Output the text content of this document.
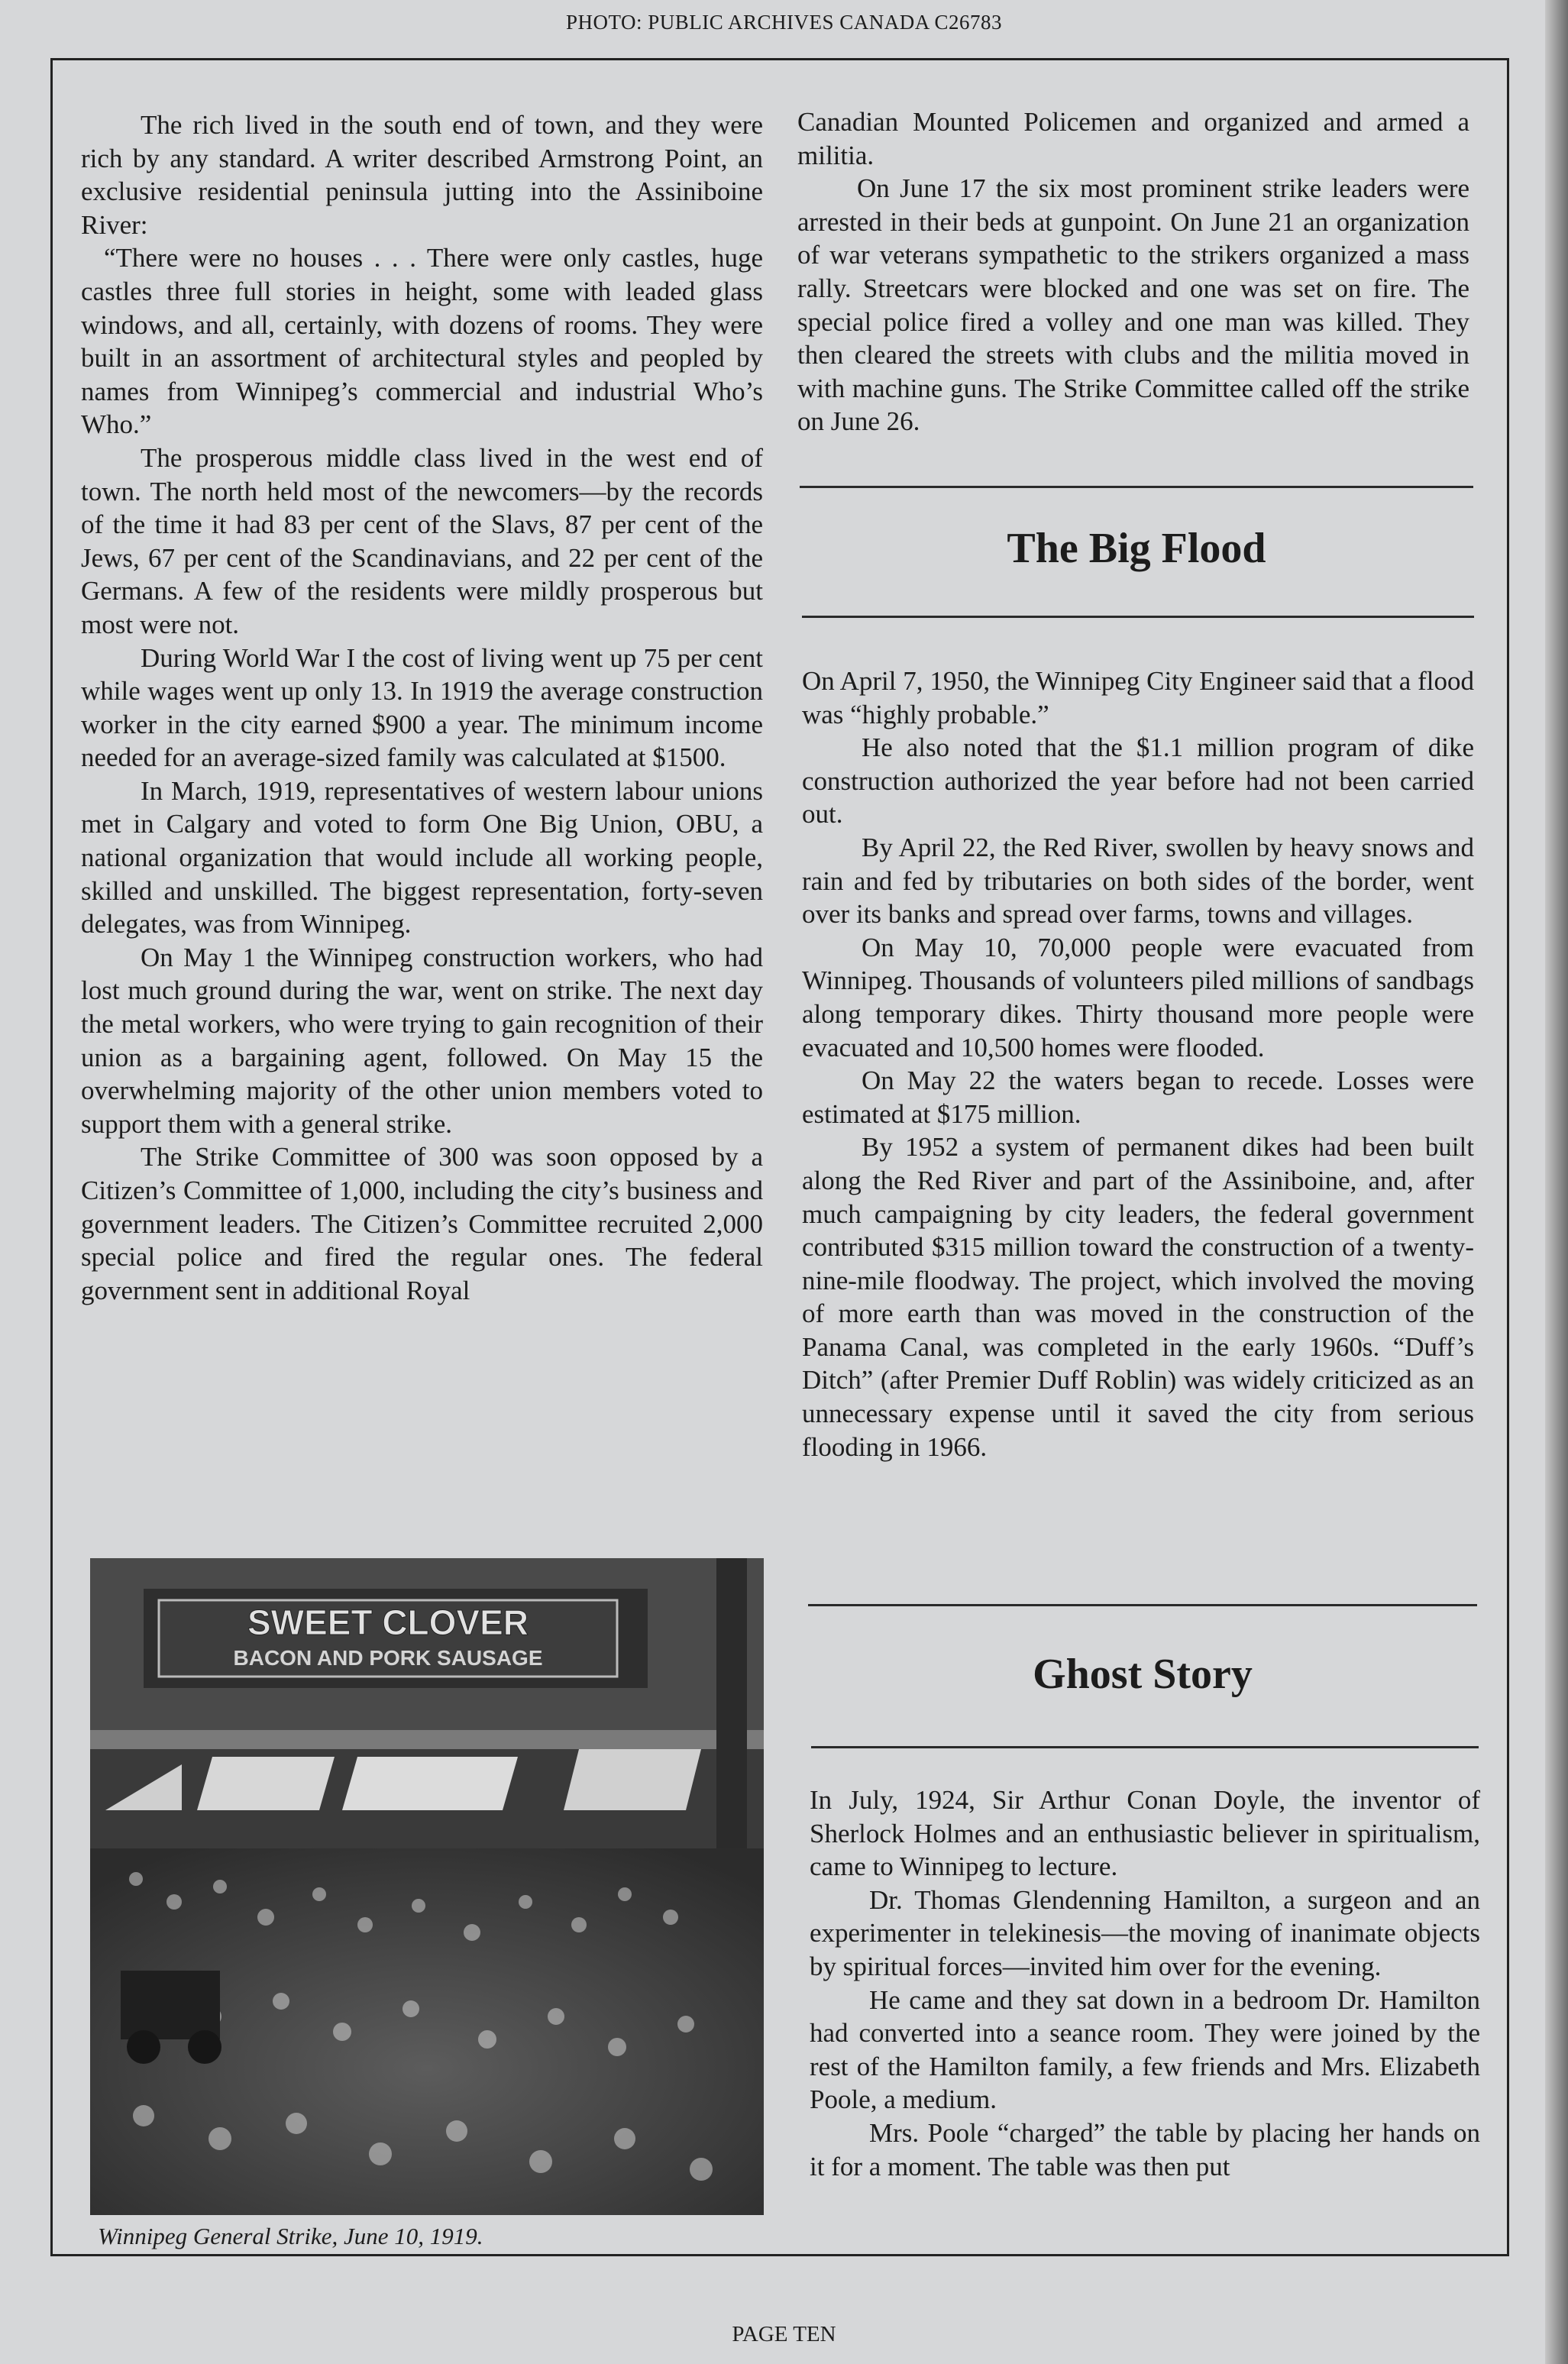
PHOTO: PUBLIC ARCHIVES CANADA C26783

The rich lived in the south end of town, and they were rich by any standard. A writer described Armstrong Point, an exclusive residential peninsula jutting into the Assiniboine River:

“There were no houses . . . There were only castles, huge castles three full stories in height, some with leaded glass windows, and all, certainly, with dozens of rooms. They were built in an assortment of architectural styles and peopled by names from Winnipeg’s commercial and industrial Who’s Who.”

The prosperous middle class lived in the west end of town. The north held most of the newcomers—by the records of the time it had 83 per cent of the Slavs, 87 per cent of the Jews, 67 per cent of the Scandinavians, and 22 per cent of the Germans. A few of the residents were mildly prosperous but most were not.

During World War I the cost of living went up 75 per cent while wages went up only 13. In 1919 the average construction worker in the city earned $900 a year. The minimum income needed for an average-sized family was calculated at $1500.

In March, 1919, representatives of western labour unions met in Calgary and voted to form One Big Union, OBU, a national organization that would include all working people, skilled and unskilled. The biggest representation, forty-seven delegates, was from Winnipeg.

On May 1 the Winnipeg construction workers, who had lost much ground during the war, went on strike. The next day the metal workers, who were trying to gain recognition of their union as a bargaining agent, followed. On May 15 the overwhelming majority of the other union members voted to support them with a general strike.

The Strike Committee of 300 was soon opposed by a Citizen’s Committee of 1,000, including the city’s business and government leaders. The Citizen’s Committee recruited 2,000 special police and fired the regular ones. The federal government sent in additional Royal

SWEET CLOVER
BACON AND PORK SAUSAGE
Winnipeg General Strike, June 10, 1919.

Canadian Mounted Policemen and organized and armed a militia.

On June 17 the six most prominent strike leaders were arrested in their beds at gunpoint. On June 21 an organization of war veterans sympathetic to the strikers organized a mass rally. Streetcars were blocked and one was set on fire. The special police fired a volley and one man was killed. They then cleared the streets with clubs and the militia moved in with machine guns. The Strike Committee called off the strike on June 26.

The Big Flood

On April 7, 1950, the Winnipeg City Engineer said that a flood was “highly probable.”

He also noted that the $1.1 million program of dike construction authorized the year before had not been carried out.

By April 22, the Red River, swollen by heavy snows and rain and fed by tributaries on both sides of the border, went over its banks and spread over farms, towns and villages.

On May 10, 70,000 people were evacuated from Winnipeg. Thousands of volunteers piled millions of sandbags along temporary dikes. Thirty thousand more people were evacuated and 10,500 homes were flooded.

On May 22 the waters began to recede. Losses were estimated at $175 million.

By 1952 a system of permanent dikes had been built along the Red River and part of the Assiniboine, and, after much campaigning by city leaders, the federal government contributed $315 million toward the construction of a twenty-nine-mile floodway. The project, which involved the moving of more earth than was moved in the construction of the Panama Canal, was completed in the early 1960s. “Duff’s Ditch” (after Premier Duff Roblin) was widely criticized as an unnecessary expense until it saved the city from serious flooding in 1966.

Ghost Story

In July, 1924, Sir Arthur Conan Doyle, the inventor of Sherlock Holmes and an enthusiastic believer in spiritualism, came to Winnipeg to lecture.

Dr. Thomas Glendenning Hamilton, a surgeon and an experimenter in telekinesis—the moving of inanimate objects by spiritual forces—invited him over for the evening.

He came and they sat down in a bedroom Dr. Hamilton had converted into a seance room. They were joined by the rest of the Hamilton family, a few friends and Mrs. Elizabeth Poole, a medium.

Mrs. Poole “charged” the table by placing her hands on it for a moment. The table was then put

PAGE TEN
